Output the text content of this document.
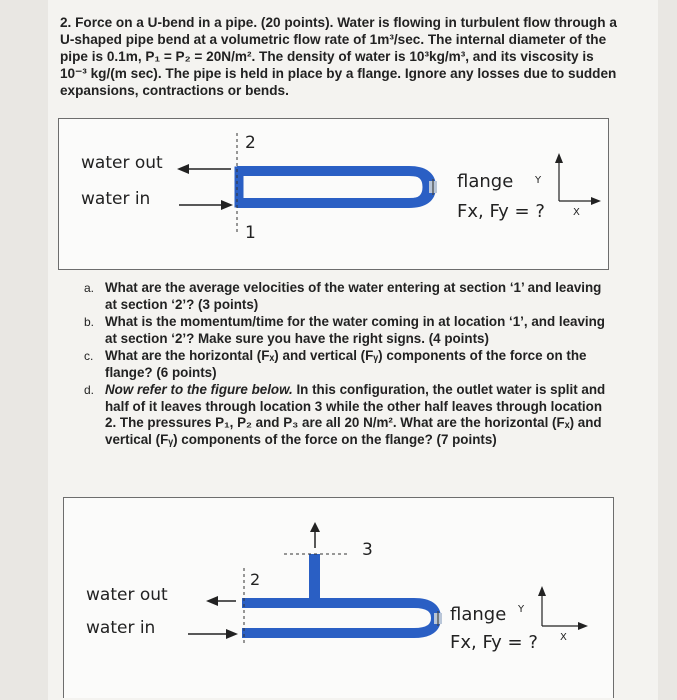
2. Force on a U-bend in a pipe. (20 points). Water is flowing in turbulent flow through a U-shaped pipe bend at a volumetric flow rate of 1m³/sec. The internal diameter of the pipe is 0.1m, P₁ = P₂ = 20N/m². The density of water is 10³kg/m³, and its viscosity is 10⁻³ kg/(m sec). The pipe is held in place by a flange. Ignore any losses due to sudden expansions, contractions or bends.
water out
water in
2
1
flange
Fx, Fy = ?
Y
X
a. What are the average velocities of the water entering at section ‘1’ and leaving at section ‘2’? (3 points)
b. What is the momentum/time for the water coming in at location ‘1’, and leaving at section ‘2’? Make sure you have the right signs. (4 points)
c. What are the horizontal (Fₓ) and vertical (Fᵧ) components of the force on the flange? (6 points)
d. Now refer to the figure below. In this configuration, the outlet water is split and half of it leaves through location 3 while the other half leaves through location 2. The pressures P₁, P₂ and P₃ are all 20 N/m². What are the horizontal (Fₓ) and vertical (Fᵧ) components of the force on the flange? (7 points)
water out
water in
2
3
flange
Fx, Fy = ?
Y
X
